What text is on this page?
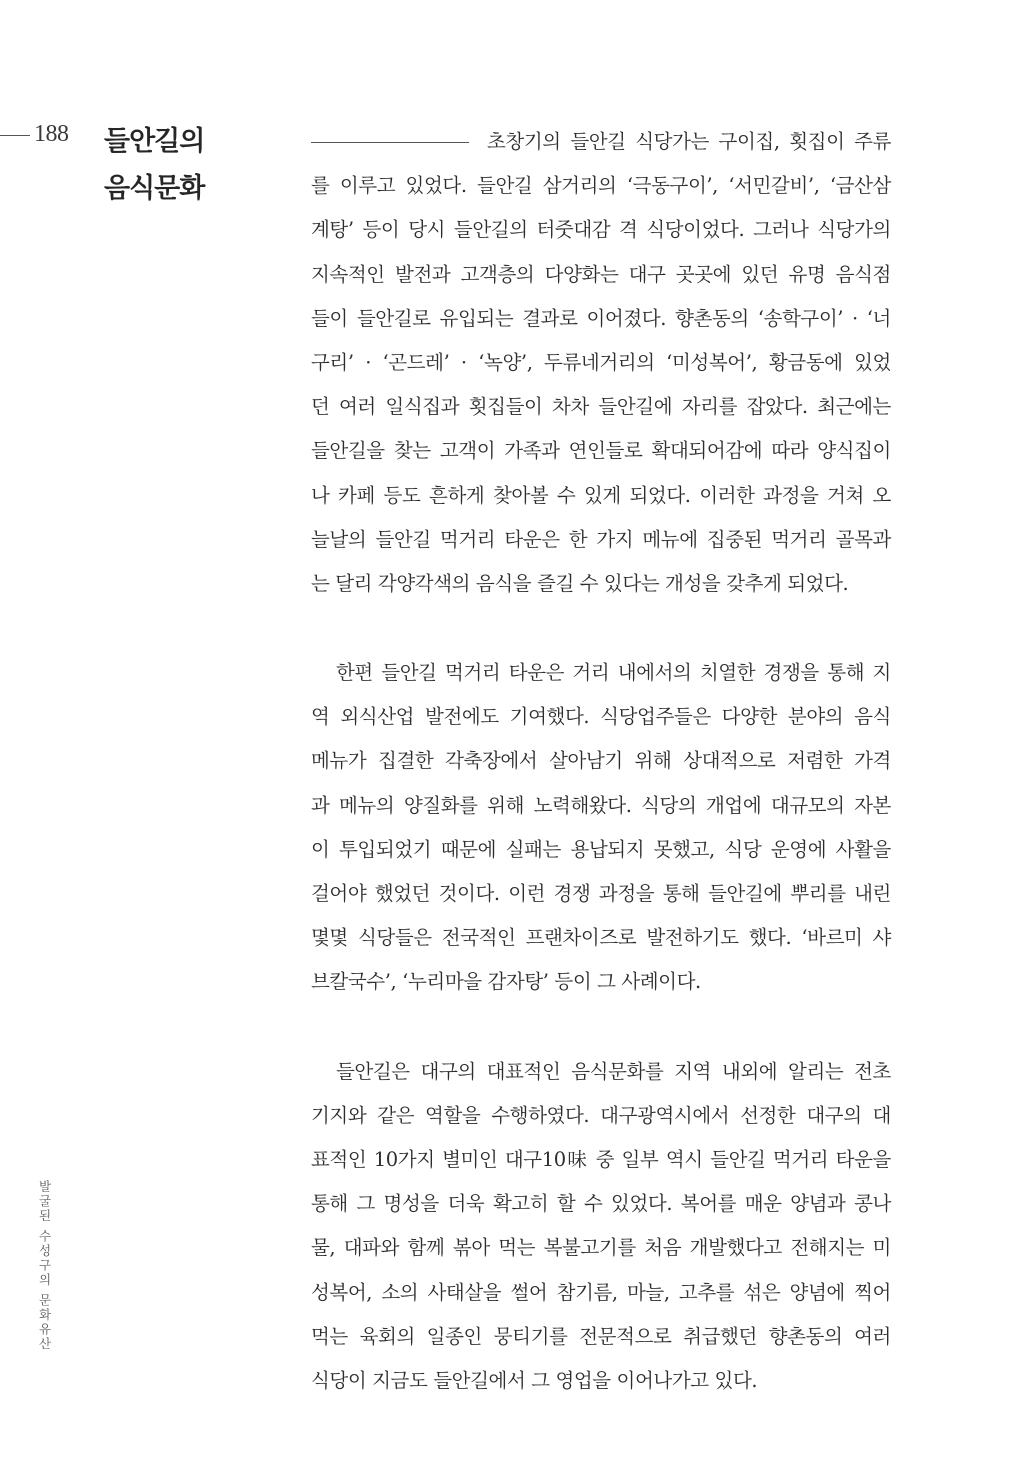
188 들안길의
음식문화

초창기의 들안길 식당가는 구이집, 횟집이 주류
를 이루고 있었다. 들안길 삼거리의 ‘극동구이’, ‘서민갈비’, ‘금산삼
계탕’ 등이 당시 들안길의 터줏대감 격 식당이었다. 그러나 식당가의
지속적인 발전과 고객층의 다양화는 대구 곳곳에 있던 유명 음식점
들이 들안길로 유입되는 결과로 이어졌다. 향촌동의 ‘송학구이’ · ‘너
구리’ · ‘곤드레’ · ‘녹양’, 두류네거리의 ‘미성복어’, 황금동에 있었
던 여러 일식집과 횟집들이 차차 들안길에 자리를 잡았다. 최근에는
들안길을 찾는 고객이 가족과 연인들로 확대되어감에 따라 양식집이
나 카페 등도 흔하게 찾아볼 수 있게 되었다. 이러한 과정을 거쳐 오
늘날의 들안길 먹거리 타운은 한 가지 메뉴에 집중된 먹거리 골목과
는 달리 각양각색의 음식을 즐길 수 있다는 개성을 갖추게 되었다.

한편 들안길 먹거리 타운은 거리 내에서의 치열한 경쟁을 통해 지
역 외식산업 발전에도 기여했다. 식당업주들은 다양한 분야의 음식
메뉴가 집결한 각축장에서 살아남기 위해 상대적으로 저렴한 가격
과 메뉴의 양질화를 위해 노력해왔다. 식당의 개업에 대규모의 자본
이 투입되었기 때문에 실패는 용납되지 못했고, 식당 운영에 사활을
걸어야 했었던 것이다. 이런 경쟁 과정을 통해 들안길에 뿌리를 내린
몇몇 식당들은 전국적인 프랜차이즈로 발전하기도 했다. ‘바르미 샤
브칼국수’, ‘누리마을 감자탕’ 등이 그 사례이다.

들안길은 대구의 대표적인 음식문화를 지역 내외에 알리는 전초
기지와 같은 역할을 수행하였다. 대구광역시에서 선정한 대구의 대
표적인 10가지 별미인 대구10味 중 일부 역시 들안길 먹거리 타운을
통해 그 명성을 더욱 확고히 할 수 있었다. 복어를 매운 양념과 콩나
물, 대파와 함께 볶아 먹는 복불고기를 처음 개발했다고 전해지는 미
성복어, 소의 사태살을 썰어 참기름, 마늘, 고추를 섞은 양념에 찍어
먹는 육회의 일종인 뭉티기를 전문적으로 취급했던 향촌동의 여러
식당이 지금도 들안길에서 그 영업을 이어나가고 있다.

발굴된 수성구의 문화유산
